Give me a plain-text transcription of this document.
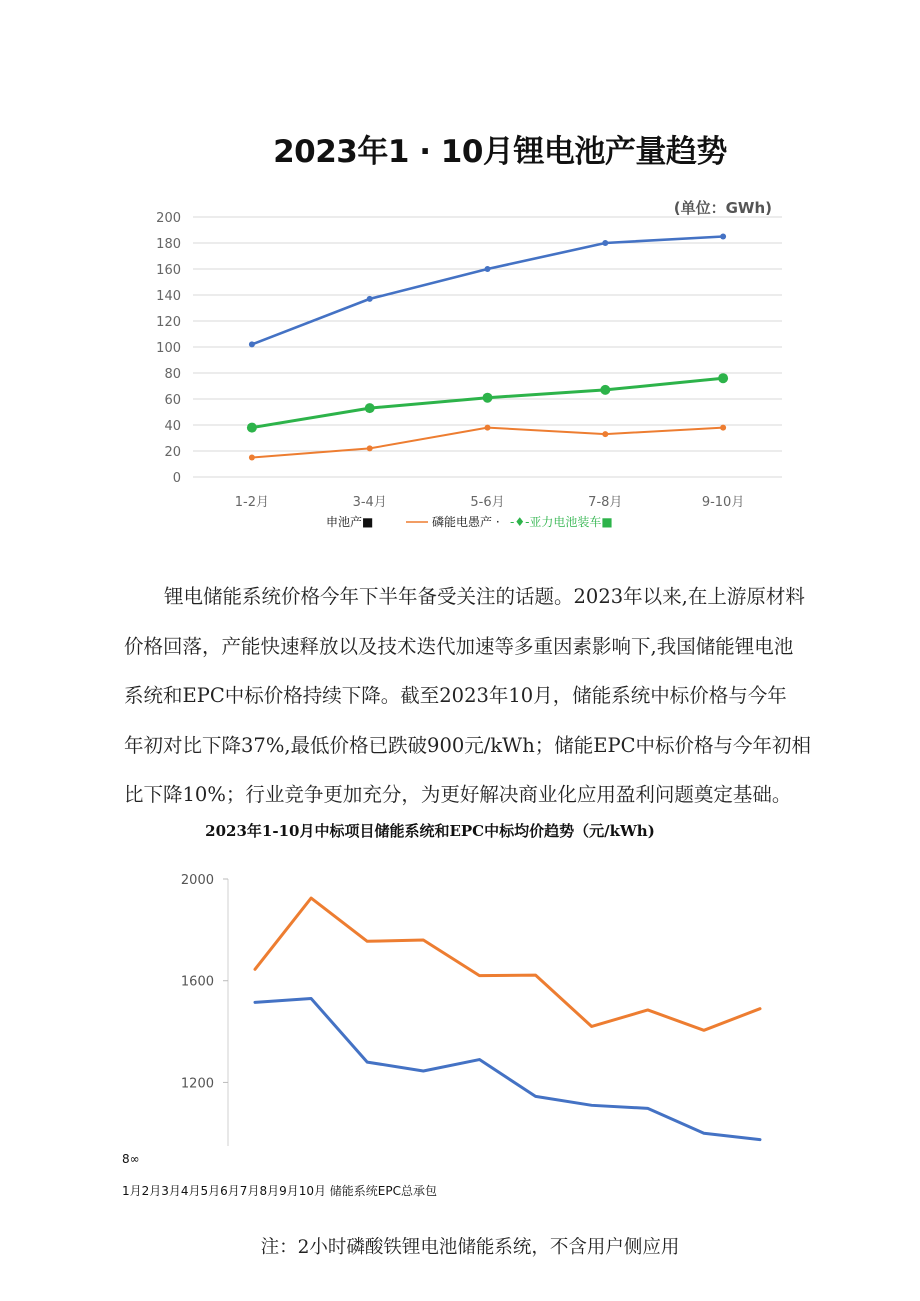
2023年1 · 10月锂电池产量趋势
0
20
40
60
80
100
120
140
160
180
200
1-2月	3-4月	5-6月	7-8月	9-10月
(单位：GWh)
申池产■	磷能电愚产 · -♦-亚力电池装车■
锂电储能系统价格今年下半年备受关注的话题。2023年以来,在上游原材料
价格回落，产能快速释放以及技术迭代加速等多重因素影响下,我国储能锂电池
系统和EPC中标价格持续下降。截至2023年10月，储能系统中标价格与今年
年初对比下降37%,最低价格已跌破900元/kWh；储能EPC中标价格与今年初相
比下降10%；行业竞争更加充分，为更好解决商业化应用盈利问题奠定基础。
2023年1-10月中标项目储能系统和EPC中标均价趋势（元/kWh)
1200
1600
2000
8∞
1月2月3月4月5月6月7月8月9月10月 储能系统EPC总承包
注：2小时磷酸铁锂电池储能系统，不含用户侧应用
